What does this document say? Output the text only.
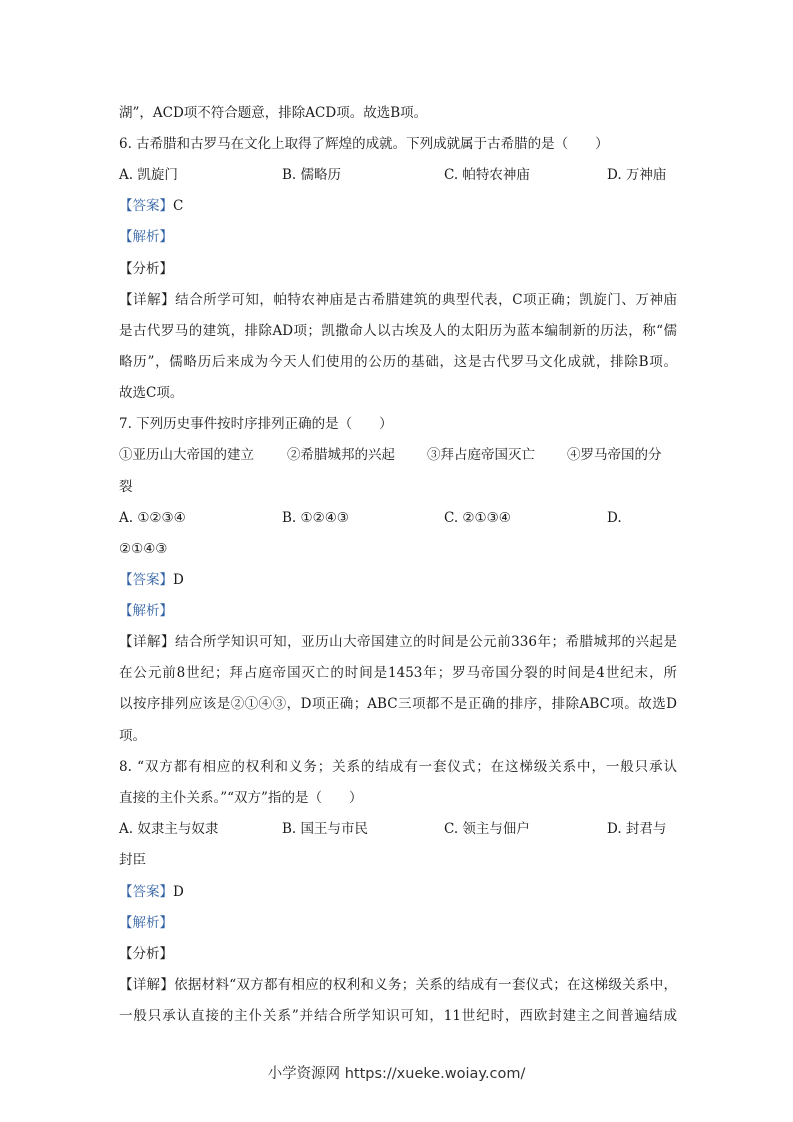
湖”，ACD项不符合题意，排除ACD项。故选B项。
6. 古希腊和古罗马在文化上取得了辉煌的成就。下列成就属于古希腊的是（　　）
A. 凯旋门	B. 儒略历	C. 帕特农神庙	D. 万神庙
【答案】C
【解析】
【分析】
【详解】结合所学可知，帕特农神庙是古希腊建筑的典型代表，C项正确；凯旋门、万神庙
是古代罗马的建筑，排除AD项；凯撒命人以古埃及人的太阳历为蓝本编制新的历法，称“儒
略历”，儒略历后来成为今天人们使用的公历的基础，这是古代罗马文化成就，排除B项。
故选C项。
7. 下列历史事件按时序排列正确的是（　　）
①亚历山大帝国的建立 ②希腊城邦的兴起 ③拜占庭帝国灭亡 ④罗马帝国的分
裂
A. ①②③④	B. ①②④③	C. ②①③④	D.
②①④③
【答案】D
【解析】
【详解】结合所学知识可知，亚历山大帝国建立的时间是公元前336年；希腊城邦的兴起是
在公元前8世纪；拜占庭帝国灭亡的时间是1453年；罗马帝国分裂的时间是4世纪末，所
以按序排列应该是②①④③，D项正确；ABC三项都不是正确的排序，排除ABC项。故选D
项。
8. “双方都有相应的权利和义务；关系的结成有一套仪式；在这梯级关系中，一般只承认
直接的主仆关系。”“双方”指的是（　　）
A. 奴隶主与奴隶	B. 国王与市民	C. 领主与佃户	D. 封君与
封臣
【答案】D
【解析】
【分析】
【详解】依据材料“双方都有相应的权利和义务；关系的结成有一套仪式；在这梯级关系中，
一般只承认直接的主仆关系”并结合所学知识可知，11世纪时，西欧封建主之间普遍结成
小学资源网 https://xueke.woiay.com/
